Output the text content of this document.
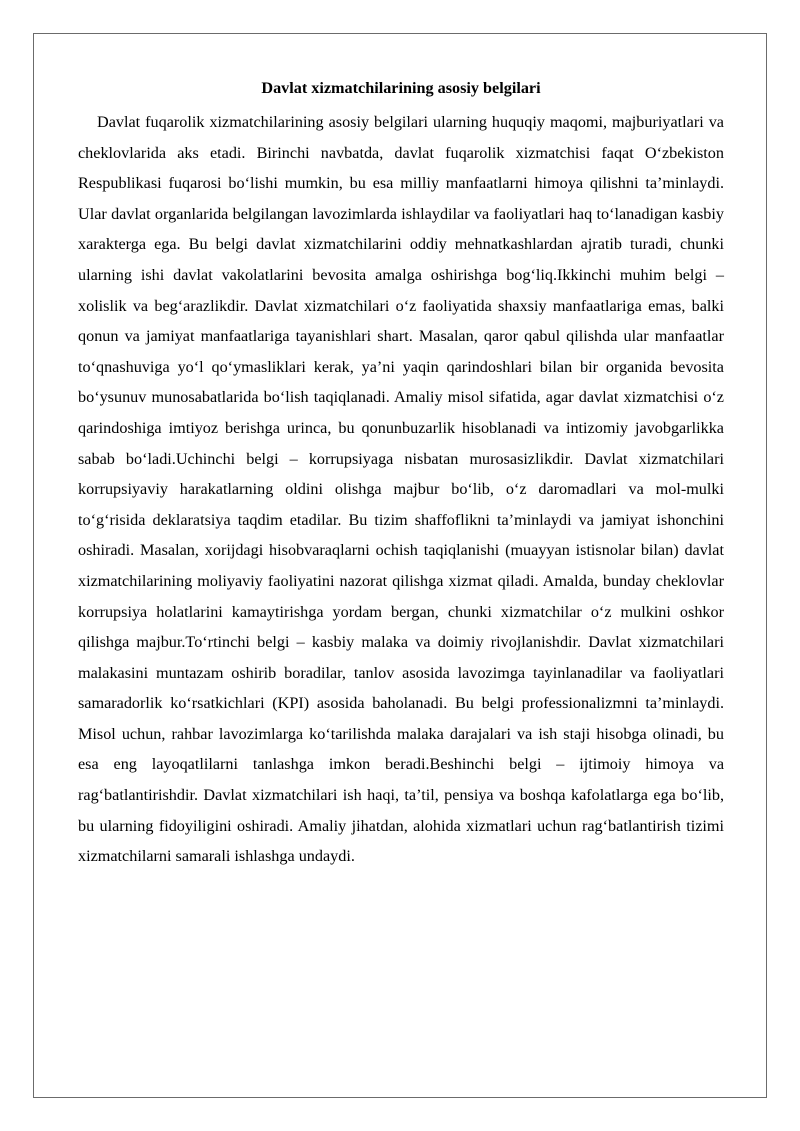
Davlat xizmatchilarining asosiy belgilari

Davlat fuqarolik xizmatchilarining asosiy belgilari ularning huquqiy maqomi, majburiyatlari va cheklovlarida aks etadi. Birinchi navbatda, davlat fuqarolik xizmatchisi faqat O‘zbekiston Respublikasi fuqarosi bo‘lishi mumkin, bu esa milliy manfaatlarni himoya qilishni ta’minlaydi. Ular davlat organlarida belgilangan lavozimlarda ishlaydilar va faoliyatlari haq to‘lanadigan kasbiy xarakterga ega. Bu belgi davlat xizmatchilarini oddiy mehnatkashlardan ajratib turadi, chunki ularning ishi davlat vakolatlarini bevosita amalga oshirishga bog‘liq.Ikkinchi muhim belgi – xolislik va beg‘arazlikdir. Davlat xizmatchilari o‘z faoliyatida shaxsiy manfaatlariga emas, balki qonun va jamiyat manfaatlariga tayanishlari shart. Masalan, qaror qabul qilishda ular manfaatlar to‘qnashuviga yo‘l qo‘ymasliklari kerak, ya’ni yaqin qarindoshlari bilan bir organida bevosita bo‘ysunuv munosabatlarida bo‘lish taqiqlanadi. Amaliy misol sifatida, agar davlat xizmatchisi o‘z qarindoshiga imtiyoz berishga urinca, bu qonunbuzarlik hisoblanadi va intizomiy javobgarlikka sabab bo‘ladi.Uchinchi belgi – korrupsiyaga nisbatan murosasizlikdir. Davlat xizmatchilari korrupsiyaviy harakatlarning oldini olishga majbur bo‘lib, o‘z daromadlari va mol-mulki to‘g‘risida deklaratsiya taqdim etadilar. Bu tizim shaffoflikni ta’minlaydi va jamiyat ishonchini oshiradi. Masalan, xorijdagi hisobvaraqlarni ochish taqiqlanishi (muayyan istisnolar bilan) davlat xizmatchilarining moliyaviy faoliyatini nazorat qilishga xizmat qiladi. Amalda, bunday cheklovlar korrupsiya holatlarini kamaytirishga yordam bergan, chunki xizmatchilar o‘z mulkini oshkor qilishga majbur.To‘rtinchi belgi – kasbiy malaka va doimiy rivojlanishdir. Davlat xizmatchilari malakasini muntazam oshirib boradilar, tanlov asosida lavozimga tayinlanadilar va faoliyatlari samaradorlik ko‘rsatkichlari (KPI) asosida baholanadi. Bu belgi professionalizmni ta’minlaydi. Misol uchun, rahbar lavozimlarga ko‘tarilishda malaka darajalari va ish staji hisobga olinadi, bu esa eng layoqatlilarni tanlashga imkon beradi.Beshinchi belgi – ijtimoiy himoya va rag‘batlantirishdir. Davlat xizmatchilari ish haqi, ta’til, pensiya va boshqa kafolatlarga ega bo‘lib, bu ularning fidoyiligini oshiradi. Amaliy jihatdan, alohida xizmatlari uchun rag‘batlantirish tizimi xizmatchilarni samarali ishlashga undaydi.
